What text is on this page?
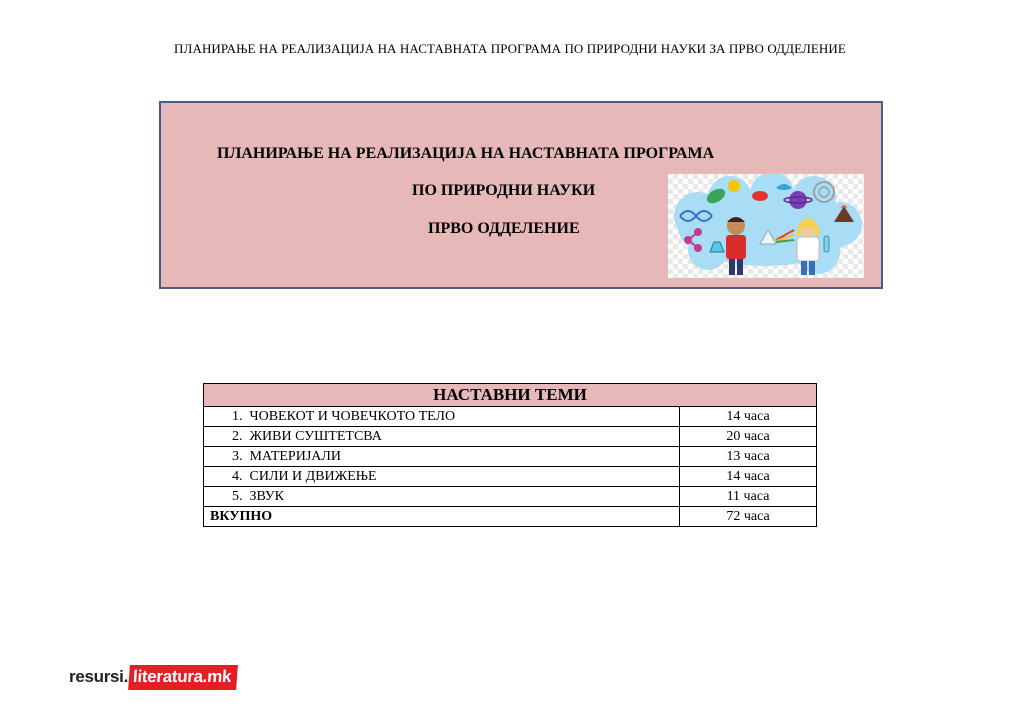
ПЛАНИРАЊЕ НА РЕАЛИЗАЦИЈА НА НАСТАВНАТА ПРОГРАМА ПО ПРИРОДНИ НАУКИ ЗА ПРВО ОДДЕЛЕНИЕ
ПЛАНИРАЊЕ НА РЕАЛИЗАЦИЈА НА НАСТАВНАТА ПРОГРАМА
ПО ПРИРОДНИ НАУКИ
ПРВО ОДДЕЛЕНИЕ
НАСТАВНИ ТЕМИ	
1. ЧОВЕКОТ И ЧОВЕЧКОТО ТЕЛО	14 часа
2. ЖИВИ СУШТЕТСВА	20 часа
3. МАТЕРИЈАЛИ	13 часа
4. СИЛИ И ДВИЖЕЊЕ	14 часа
5. ЗВУК	11 часа
ВКУПНО	72 часа
resursi. literatura.mk
